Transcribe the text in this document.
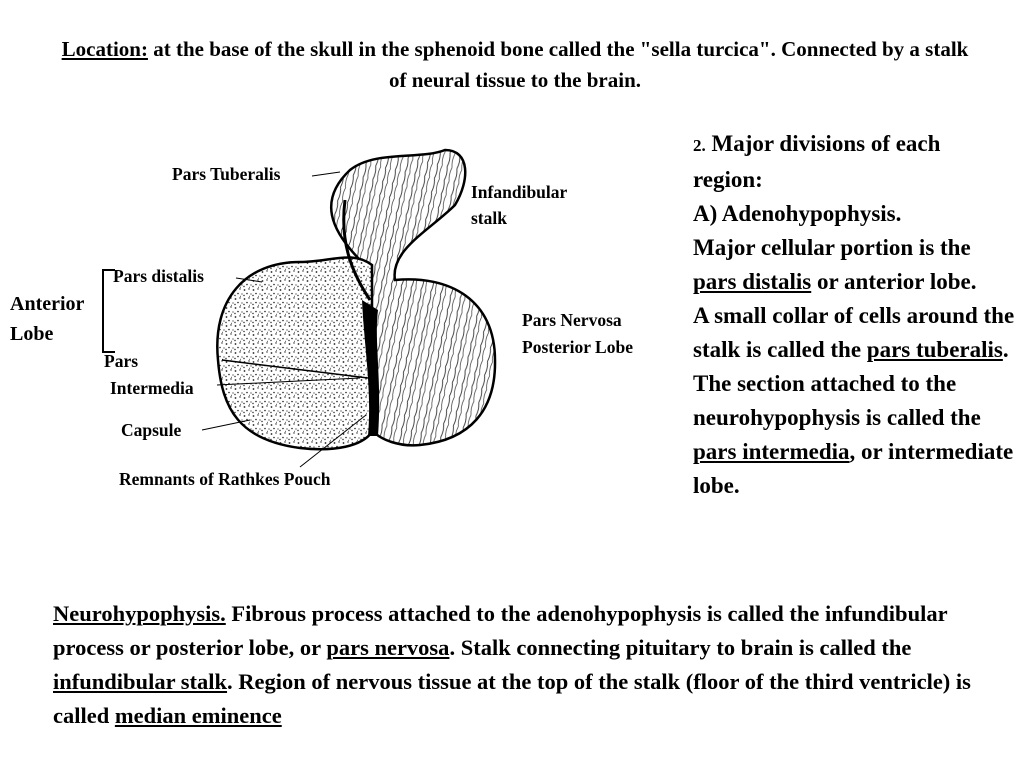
Location: at the base of the skull in the sphenoid bone called the "sella turcica". Connected by a stalk of neural tissue to the brain.
Pars Tuberalis
Infandibular
stalk
Pars distalis
Anterior
Lobe
Pars Nervosa
Posterior Lobe
Pars
Intermedia
Capsule
Remnants of Rathkes Pouch
2. Major divisions of each region:
A) Adenohypophysis.
Major cellular portion is the pars distalis or anterior lobe.
A small collar of cells around the stalk is called the pars tuberalis. The section attached to the neurohypophysis is called the pars intermedia, or intermediate lobe.
Neurohypophysis. Fibrous process attached to the adenohypophysis is called the infundibular process or posterior lobe, or pars nervosa. Stalk connecting pituitary to brain is called the infundibular stalk. Region of nervous tissue at the top of the stalk (floor of the third ventricle) is called median eminence
